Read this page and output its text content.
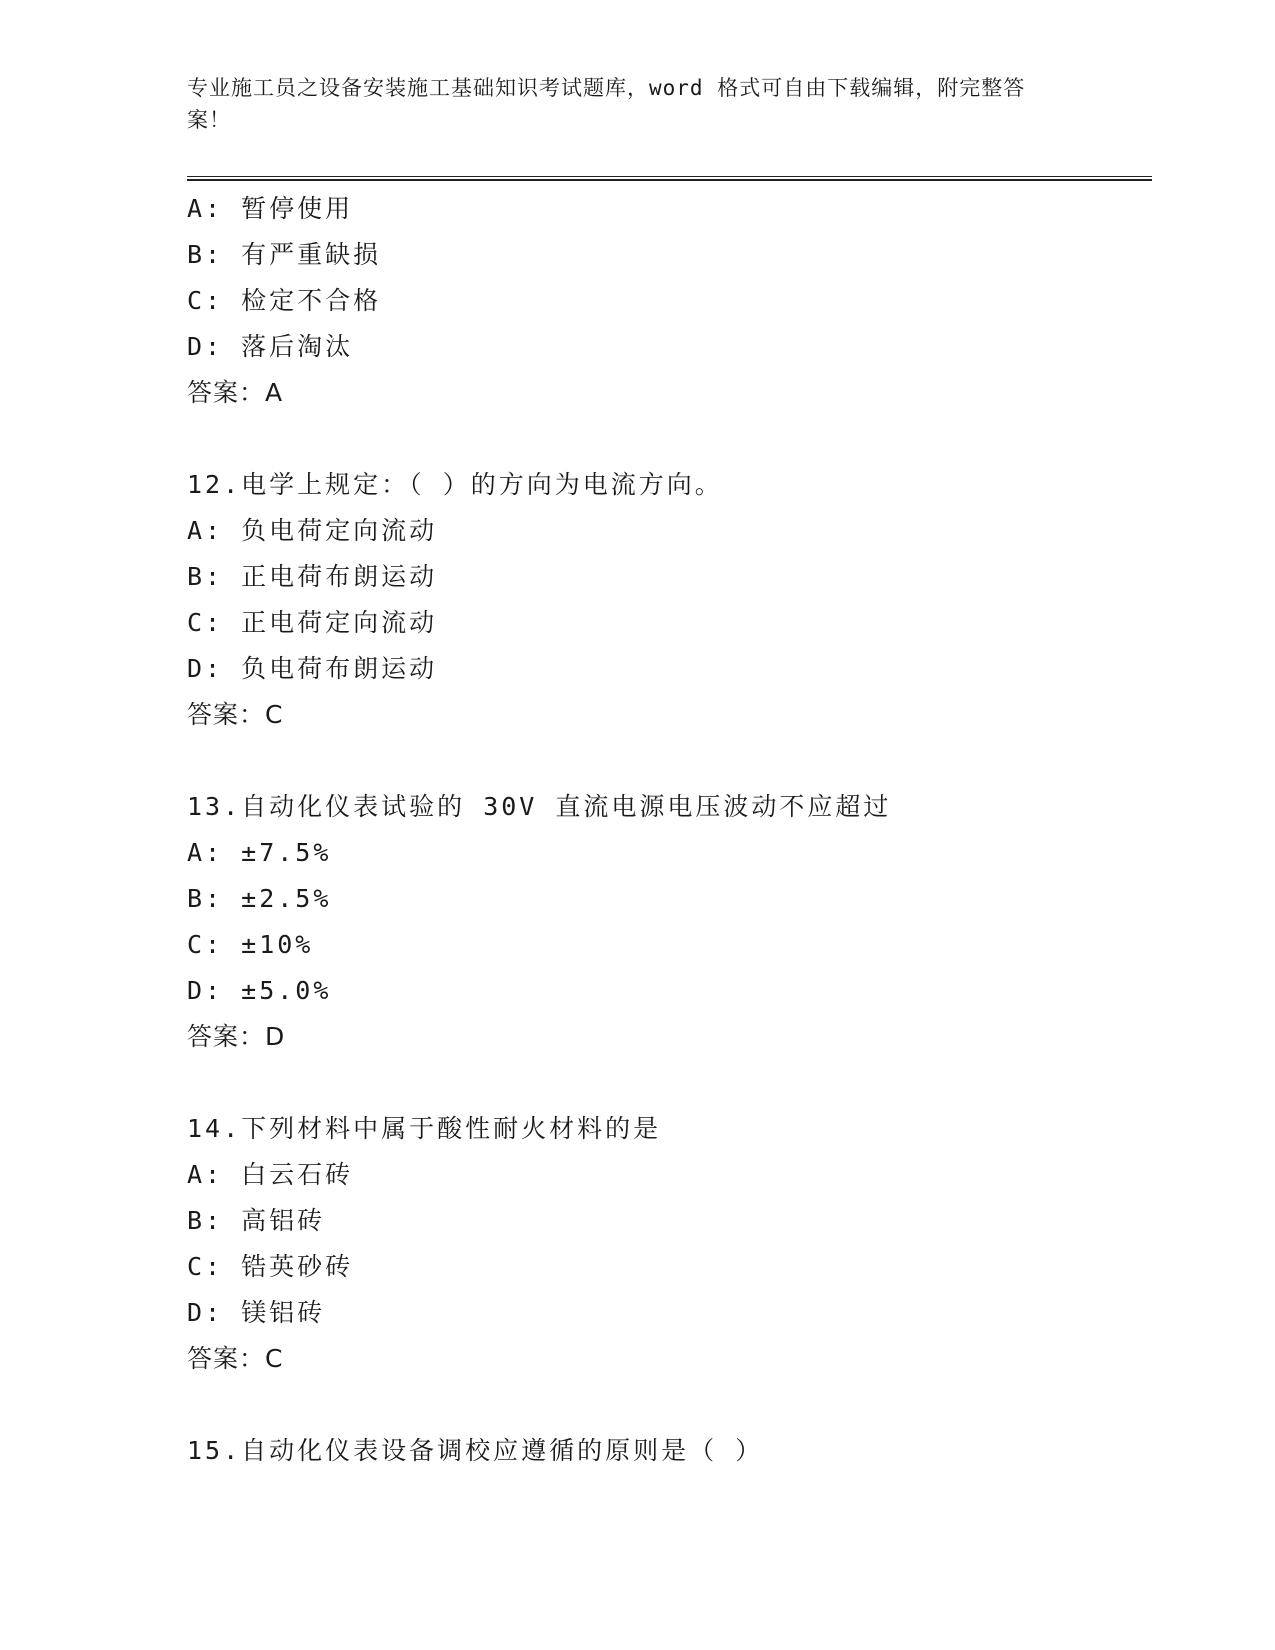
专业施工员之设备安装施工基础知识考试题库，word 格式可自由下载编辑，附完整答案！
A: 暂停使用
B: 有严重缺损
C: 检定不合格
D: 落后淘汰
答案：A
12.电学上规定：（ ）的方向为电流方向。
A: 负电荷定向流动
B: 正电荷布朗运动
C: 正电荷定向流动
D: 负电荷布朗运动
答案：C
13.自动化仪表试验的 30V 直流电源电压波动不应超过
A: ±7.5%
B: ±2.5%
C: ±10%
D: ±5.0%
答案：D
14.下列材料中属于酸性耐火材料的是
A: 白云石砖
B: 高铝砖
C: 锆英砂砖
D: 镁铝砖
答案：C
15.自动化仪表设备调校应遵循的原则是（ ）
